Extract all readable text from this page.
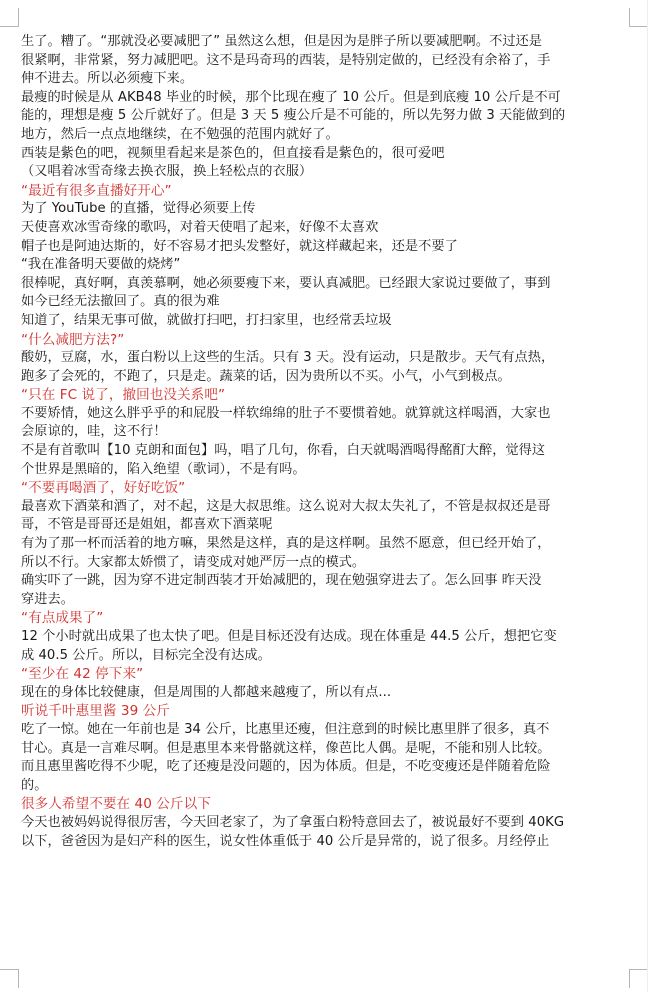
生了。糟了。“那就没必要减肥了” 虽然这么想，但是因为是胖子所以要减肥啊。不过还是
很紧啊，非常紧，努力减肥吧。这不是玛奇玛的西装，是特别定做的，已经没有余裕了，手
伸不进去。所以必须瘦下来。
最瘦的时候是从 AKB48 毕业的时候，那个比现在瘦了 10 公斤。但是到底瘦 10 公斤是不可
能的，理想是瘦 5 公斤就好了。但是 3 天 5 瘦公斤是不可能的，所以先努力做 3 天能做到的
地方，然后一点点地继续，在不勉强的范围内就好了。
西装是紫色的吧，视频里看起来是茶色的，但直接看是紫色的，很可爱吧
（又唱着冰雪奇缘去换衣服，换上轻松点的衣服）
“最近有很多直播好开心”
为了 YouTube 的直播，觉得必须要上传
天使喜欢冰雪奇缘的歌吗，对着天使唱了起来，好像不太喜欢
帽子也是阿迪达斯的，好不容易才把头发整好，就这样藏起来，还是不要了
“我在准备明天要做的烧烤”
很棒呢，真好啊，真羡慕啊，她必须要瘦下来，要认真减肥。已经跟大家说过要做了，事到
如今已经无法撤回了。真的很为难
知道了，结果无事可做，就做打扫吧，打扫家里，也经常丢垃圾
“什么减肥方法?”
酸奶，豆腐，水，蛋白粉以上这些的生活。只有 3 天。没有运动，只是散步。天气有点热，
跑多了会死的，不跑了，只是走。蔬菜的话，因为贵所以不买。小气，小气到极点。
“只在 FC 说了，撤回也没关系吧”
不要矫情，她这么胖乎乎的和屁股一样软绵绵的肚子不要惯着她。就算就这样喝酒，大家也
会原谅的，哇，这不行！
不是有首歌叫【10 克朗和面包】吗，唱了几句，你看，白天就喝酒喝得酩酊大醉，觉得这
个世界是黑暗的，陷入绝望（歌词），不是有吗。
“不要再喝酒了，好好吃饭”
最喜欢下酒菜和酒了，对不起，这是大叔思维。这么说对大叔太失礼了，不管是叔叔还是哥
哥，不管是哥哥还是姐姐，都喜欢下酒菜呢
有为了那一杯而活着的地方嘛，果然是这样，真的是这样啊。虽然不愿意，但已经开始了，
所以不行。大家都太娇惯了，请变成对她严厉一点的模式。
确实吓了一跳，因为穿不进定制西装才开始减肥的，现在勉强穿进去了。怎么回事 昨天没
穿进去。
“有点成果了”
12 个小时就出成果了也太快了吧。但是目标还没有达成。现在体重是 44.5 公斤，想把它变
成 40.5 公斤。所以，目标完全没有达成。
“至少在 42 停下来”
现在的身体比较健康，但是周围的人都越来越瘦了，所以有点...
听说千叶惠里酱 39 公斤
吃了一惊。她在一年前也是 34 公斤，比惠里还瘦，但注意到的时候比惠里胖了很多，真不
甘心。真是一言难尽啊。但是惠里本来骨骼就这样，像芭比人偶。是呢，不能和别人比较。
而且惠里酱吃得不少呢，吃了还瘦是没问题的，因为体质。但是，不吃变瘦还是伴随着危险
的。
很多人希望不要在 40 公斤以下
今天也被妈妈说得很厉害，今天回老家了，为了拿蛋白粉特意回去了，被说最好不要到 40KG
以下，爸爸因为是妇产科的医生，说女性体重低于 40 公斤是异常的，说了很多。月经停止
